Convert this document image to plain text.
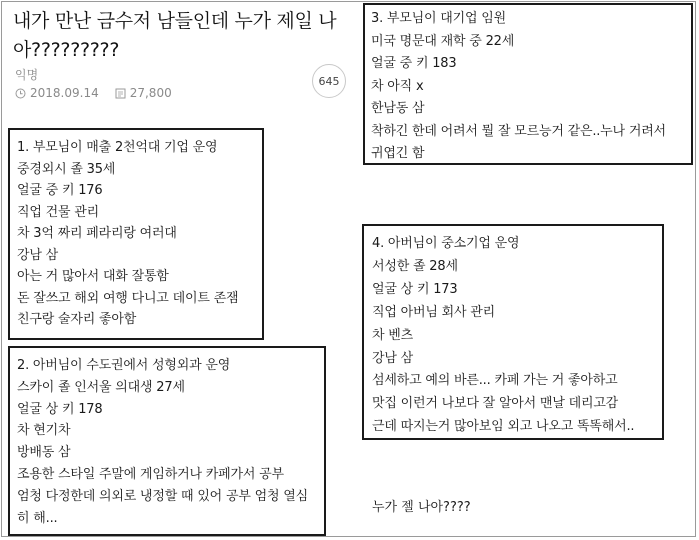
내가 만난 금수저 남들인데 누가 제일 나아?????????
익명
2018.09.14	27,800
645
1. 부모님이 매출 2천억대 기업 운영
중경외시 졸 35세
얼굴 중 키 176
직업 건물 관리
차 3억 짜리 페라리랑 여러대
강남 삼
아는 거 많아서 대화 잘통함
돈 잘쓰고 해외 여행 다니고 데이트 존잼
친구랑 술자리 좋아함
2. 아버님이 수도권에서 성형외과 운영
스카이 졸 인서울 의대생 27세
얼굴 상 키 178
차 현기차
방배동 삼
조용한 스타일 주말에 게임하거나 카페가서 공부
엄청 다정한데 의외로 냉정할 때 있어 공부 엄청 열심히 해...
3. 부모님이 대기업 임원
미국 명문대 재학 중 22세
얼굴 중 키 183
차 아직 x
한남동 삼
착하긴 한데 어려서 뭘 잘 모르능거 같은..누나 거려서
귀엽긴 함
4. 아버님이 중소기업 운영
서성한 졸 28세
얼굴 상 키 173
직업 아버님 회사 관리
차 벤츠
강남 삼
섬세하고 예의 바른... 카페 가는 거 좋아하고
맛집 이런거 나보다 잘 알아서 맨날 데리고감
근데 따지는거 많아보임 외고 나오고 똑똑해서..
누가 젤 나아????
